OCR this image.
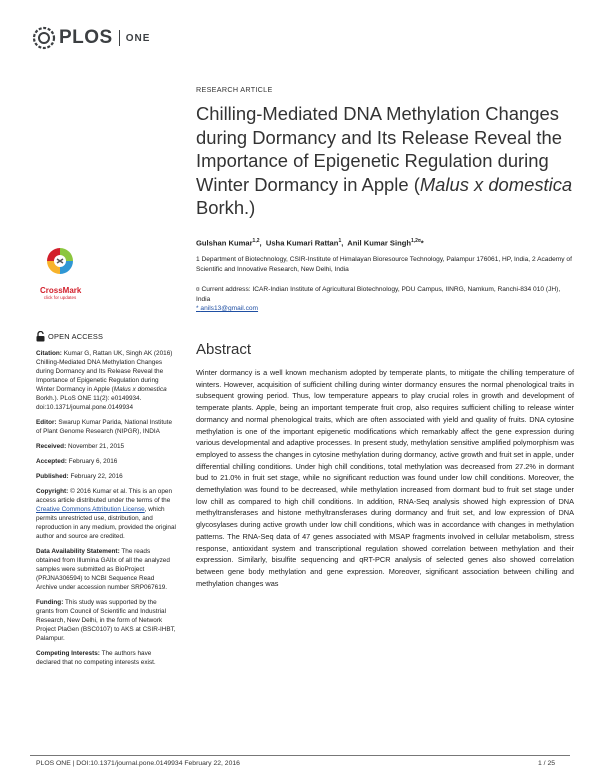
PLOS ONE
CrossMark
click for updates
OPEN ACCESS
Citation: Kumar G, Rattan UK, Singh AK (2016) Chilling-Mediated DNA Methylation Changes during Dormancy and Its Release Reveal the Importance of Epigenetic Regulation during Winter Dormancy in Apple (Malus x domestica Borkh.). PLoS ONE 11(2): e0149934. doi:10.1371/journal.pone.0149934
Editor: Swarup Kumar Parida, National Institute of Plant Genome Research (NIPGR), INDIA
Received: November 21, 2015
Accepted: February 6, 2016
Published: February 22, 2016
Copyright: © 2016 Kumar et al. This is an open access article distributed under the terms of the Creative Commons Attribution License, which permits unrestricted use, distribution, and reproduction in any medium, provided the original author and source are credited.
Data Availability Statement: The reads obtained from Illumina GAIIx of all the analyzed samples were submitted as BioProject (PRJNA306594) to NCBI Sequence Read Archive under accession number SRP067619.
Funding: This study was supported by the grants from Council of Scientific and Industrial Research, New Delhi, in the form of Network Project PlaGen (BSC0107) to AKS at CSIR-IHBT, Palampur.
Competing Interests: The authors have declared that no competing interests exist.
RESEARCH ARTICLE
Chilling-Mediated DNA Methylation Changes during Dormancy and Its Release Reveal the Importance of Epigenetic Regulation during Winter Dormancy in Apple (Malus x domestica Borkh.)
Gulshan Kumar$^{1,2}$,  Usha Kumari Rattan$^1$,  Anil Kumar Singh$^{1,2¤}$*
1 Department of Biotechnology, CSIR-Institute of Himalayan Bioresource Technology, Palampur 176061, HP, India, 2 Academy of Scientific and Innovative Research, New Delhi, India
¤ Current address: ICAR-Indian Institute of Agricultural Biotechnology, PDU Campus, IINRG, Namkum, Ranchi-834 010 (JH), India
* anils13@gmail.com
Abstract
Winter dormancy is a well known mechanism adopted by temperate plants, to mitigate the chilling temperature of winters. However, acquisition of sufficient chilling during winter dormancy ensures the normal phenological traits in subsequent growing period. Thus, low temperature appears to play crucial roles in growth and development of temperate plants. Apple, being an important temperate fruit crop, also requires sufficient chilling to release winter dormancy and normal phenological traits, which are often associated with yield and quality of fruits. DNA cytosine methylation is one of the important epigenetic modifications which remarkably affect the gene expression during various developmental and adaptive processes. In present study, methylation sensitive amplified polymorphism was employed to assess the changes in cytosine methylation during dormancy, active growth and fruit set in apple, under differential chilling conditions. Under high chill conditions, total methylation was decreased from 27.2% in dormant bud to 21.0% in fruit set stage, while no significant reduction was found under low chill conditions. Moreover, the demethylation was found to be decreased, while methylation increased from dormant bud to fruit set stage under low chill as compared to high chill conditions. In addition, RNA-Seq analysis showed high expression of DNA methyltransferases and histone methyltransferases during dormancy and fruit set, and low expression of DNA glycosylases during active growth under low chill conditions, which was in accordance with changes in methylation patterns. The RNA-Seq data of 47 genes associated with MSAP fragments involved in cellular metabolism, stress response, antioxidant system and transcriptional regulation showed correlation between methylation and their expression. Similarly, bisulfite sequencing and qRT-PCR analysis of selected genes also showed correlation between gene body methylation and gene expression. Moreover, significant association between chilling and methylation changes was
PLOS ONE | DOI:10.1371/journal.pone.0149934 February 22, 2016	1 / 25
